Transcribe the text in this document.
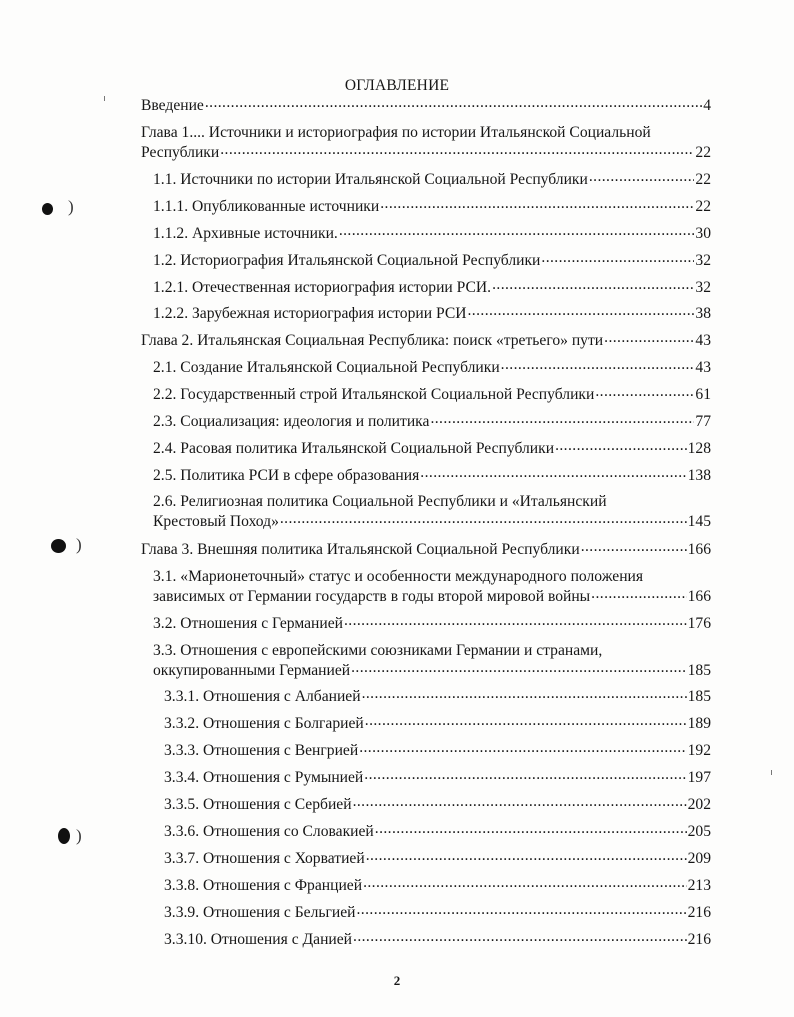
ОГЛАВЛЕНИЕ
Введение .....	4
Глава 1.... Источники и историография по истории Итальянской Социальной
Республики .....	22
1.1. Источники по истории Итальянской Социальной Республики .....	22
1.1.1. Опубликованные источники .....	22
1.1.2. Архивные источники. .....	30
1.2. Историография Итальянской Социальной Республики .....	32
1.2.1. Отечественная историография истории РСИ. .....	32
1.2.2. Зарубежная историография истории РСИ .....	38
Глава 2. Итальянская Социальная Республика: поиск «третьего» пути .....	43
2.1. Создание Итальянской Социальной Республики .....	43
2.2. Государственный строй Итальянской Социальной Республики .....	61
2.3. Социализация: идеология и политика .....	77
2.4. Расовая политика Итальянской Социальной Республики .....	128
2.5. Политика РСИ в сфере образования .....	138
2.6. Религиозная политика Социальной Республики и «Итальянский
Крестовый Поход» .....	145
Глава 3. Внешняя политика Итальянской Социальной Республики .....	166
3.1. «Марионеточный» статус и особенности международного положения
зависимых от Германии государств в годы второй мировой войны .....	166
3.2. Отношения с Германией .....	176
3.3. Отношения с европейскими союзниками Германии и странами,
оккупированными Германией .....	185
3.3.1. Отношения с Албанией .....	185
3.3.2. Отношения с Болгарией .....	189
3.3.3. Отношения с Венгрией .....	192
3.3.4. Отношения с Румынией .....	197
3.3.5. Отношения с Сербией .....	202
3.3.6. Отношения со Словакией .....	205
3.3.7. Отношения с Хорватией .....	209
3.3.8. Отношения с Францией .....	213
3.3.9. Отношения с Бельгией .....	216
3.3.10. Отношения с Данией .....	216
)
)
)
2
